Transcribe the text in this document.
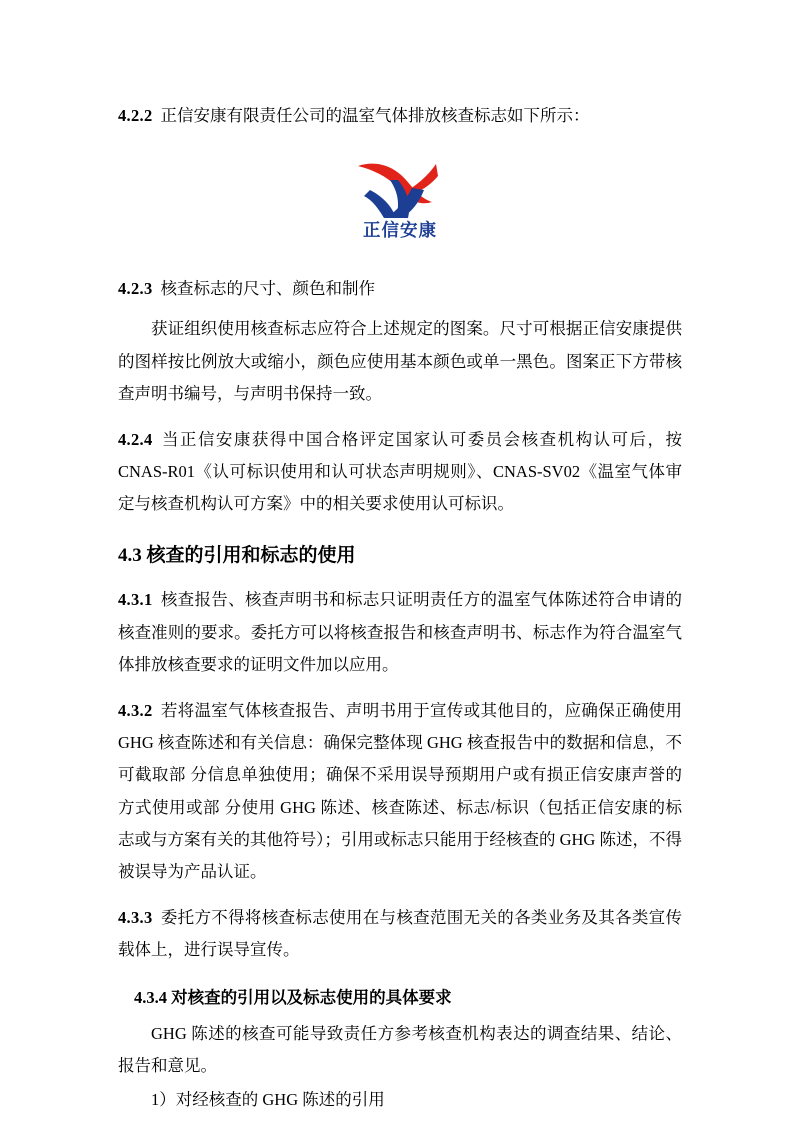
4.2.2 正信安康有限责任公司的温室气体排放核查标志如下所示：

正信安康

4.2.3 核查标志的尺寸、颜色和制作

获证组织使用核查标志应符合上述规定的图案。尺寸可根据正信安康提供的图样按比例放大或缩小，颜色应使用基本颜色或单一黑色。图案正下方带核查声明书编号，与声明书保持一致。

4.2.4 当正信安康获得中国合格评定国家认可委员会核查机构认可后，按 CNAS-R01《认可标识使用和认可状态声明规则》、CNAS-SV02《温室气体审定与核查机构认可方案》中的相关要求使用认可标识。

4.3 核查的引用和标志的使用

4.3.1 核查报告、核查声明书和标志只证明责任方的温室气体陈述符合申请的核查准则的要求。委托方可以将核查报告和核查声明书、标志作为符合温室气体排放核查要求的证明文件加以应用。

4.3.2 若将温室气体核查报告、声明书用于宣传或其他目的，应确保正确使用 GHG 核查陈述和有关信息：确保完整体现 GHG 核查报告中的数据和信息，不可截取部 分信息单独使用；确保不采用误导预期用户或有损正信安康声誉的方式使用或部 分使用 GHG 陈述、核查陈述、标志/标识（包括正信安康的标志或与方案有关的其他符号）；引用或标志只能用于经核查的 GHG 陈述，不得被误导为产品认证。

4.3.3 委托方不得将核查标志使用在与核查范围无关的各类业务及其各类宣传载体上，进行误导宣传。

4.3.4 对核查的引用以及标志使用的具体要求

GHG 陈述的核查可能导致责任方参考核查机构表达的调查结果、结论、报告和意见。

1）对经核查的 GHG 陈述的引用
